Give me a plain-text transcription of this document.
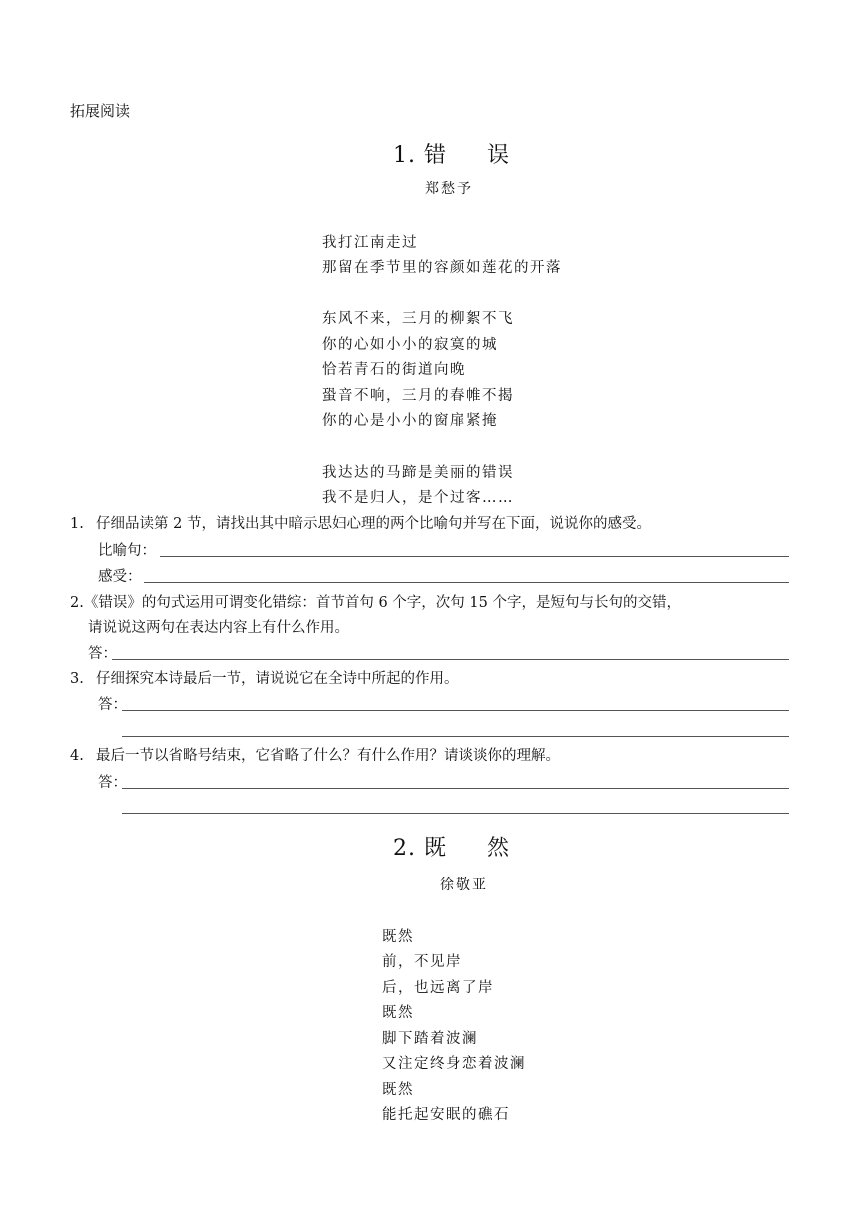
拓展阅读
1. 错 误
郑愁予
我打江南走过
那留在季节里的容颜如莲花的开落
东风不来，三月的柳絮不飞
你的心如小小的寂寞的城
恰若青石的街道向晚
蛩音不响，三月的春帷不揭
你的心是小小的窗扉紧掩
我达达的马蹄是美丽的错误
我不是归人，是个过客……
1. 仔细品读第 2 节，请找出其中暗示思妇心理的两个比喻句并写在下面，说说你的感受。
比喻句：
感受：
2.《错误》的句式运用可谓变化错综：首节首句 6 个字，次句 15 个字，是短句与长句的交错，
请说说这两句在表达内容上有什么作用。
答：
3. 仔细探究本诗最后一节，请说说它在全诗中所起的作用。
答：
4. 最后一节以省略号结束，它省略了什么？有什么作用？请谈谈你的理解。
答：
2. 既 然
徐敬亚
既然
前，不见岸
后，也远离了岸
既然
脚下踏着波澜
又注定终身恋着波澜
既然
能托起安眠的礁石
